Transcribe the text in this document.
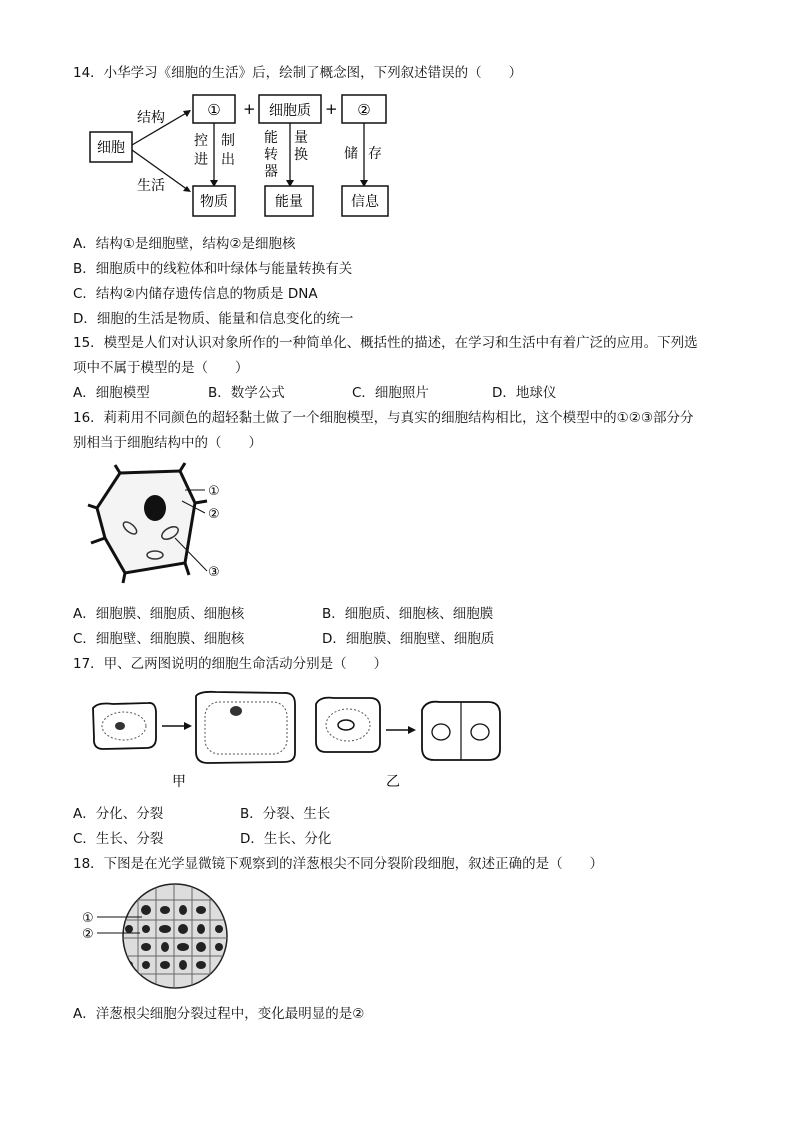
14．小华学习《细胞的生活》后，绘制了概念图，下列叙述错误的（　　）
细胞
结构
生活
① + 细胞质 + ②
控
进
制
出
能
转
器
量
换	储 存
物质	能量	信息
A．结构①是细胞壁，结构②是细胞核
B．细胞质中的线粒体和叶绿体与能量转换有关
C．结构②内储存遗传信息的物质是 DNA
D．细胞的生活是物质、能量和信息变化的统一
15．模型是人们对认识对象所作的一种简单化、概括性的描述，在学习和生活中有着广泛的应用。下列选
项中不属于模型的是（　　）
A．细胞模型	B．数学公式	C．细胞照片	D．地球仪
16．莉莉用不同颜色的超轻黏土做了一个细胞模型，与真实的细胞结构相比，这个模型中的①②③部分分
别相当于细胞结构中的（　　）
①
②
③
A．细胞膜、细胞质、细胞核	B．细胞质、细胞核、细胞膜
C．细胞壁、细胞膜、细胞核	D．细胞膜、细胞壁、细胞质
17．甲、乙两图说明的细胞生命活动分别是（　　）
甲	乙
A．分化、分裂	B．分裂、生长
C．生长、分裂	D．生长、分化
18．下图是在光学显微镜下观察到的洋葱根尖不同分裂阶段细胞，叙述正确的是（　　）
①
②
A．洋葱根尖细胞分裂过程中，变化最明显的是②
